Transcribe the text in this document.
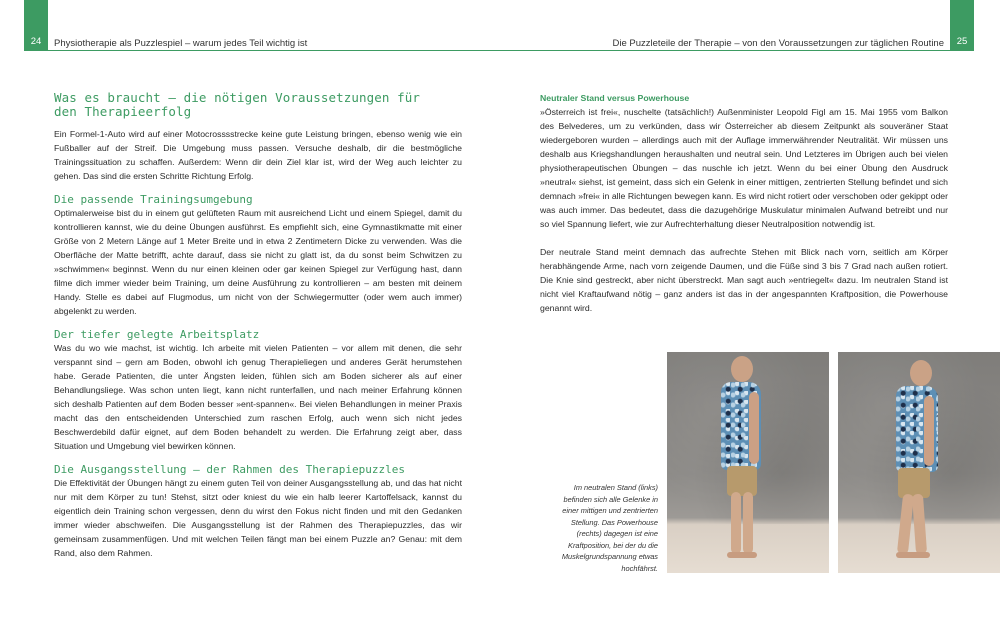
24 Physiotherapie als Puzzlespiel – warum jedes Teil wichtig ist
Was es braucht – die nötigen Voraussetzungen für den Therapieerfolg

Ein Formel-1-Auto wird auf einer Motocrosssstrecke keine gute Leistung bringen, ebenso wenig wie ein Fußballer auf der Streif. Die Umgebung muss passen. Versuche deshalb, dir die bestmögliche Trainingssituation zu schaffen. Außerdem: Wenn dir dein Ziel klar ist, wird der Weg auch leichter zu gehen. Das sind die ersten Schritte Richtung Erfolg.

Die passende Trainingsumgebung

Optimalerweise bist du in einem gut gelüfteten Raum mit ausreichend Licht und einem Spiegel, damit du kontrollieren kannst, wie du deine Übungen ausführst. Es empfiehlt sich, eine Gymnastikmatte mit einer Größe von 2 Metern Länge auf 1 Meter Breite und in etwa 2 Zentimetern Dicke zu verwenden. Was die Oberfläche der Matte betrifft, achte darauf, dass sie nicht zu glatt ist, da du sonst beim Schwitzen zu »schwimmen« beginnst. Wenn du nur einen kleinen oder gar keinen Spiegel zur Verfügung hast, dann filme dich immer wieder beim Training, um deine Ausführung zu kontrollieren – am besten mit deinem Handy. Stelle es dabei auf Flugmodus, um nicht von der Schwiegermutter (oder wem auch immer) abgelenkt zu werden.

Der tiefer gelegte Arbeitsplatz

Was du wo wie machst, ist wichtig. Ich arbeite mit vielen Patienten – vor allem mit denen, die sehr verspannt sind – gern am Boden, obwohl ich genug Therapieliegen und anderes Gerät herumstehen habe. Gerade Patienten, die unter Ängsten leiden, fühlen sich am Boden sicherer als auf einer Behandlungsliege. Was schon unten liegt, kann nicht runterfallen, und nach meiner Erfahrung können sich deshalb Patienten auf dem Boden besser »ent-spannen«. Bei vielen Behandlungen in meiner Praxis macht das den entscheidenden Unterschied zum raschen Erfolg, auch wenn sich nicht jedes Beschwerdebild dafür eignet, auf dem Boden behandelt zu werden. Die Erfahrung zeigt aber, dass Situation und Umgebung viel bewirken können.

Die Ausgangsstellung – der Rahmen des Therapiepuzzles

Die Effektivität der Übungen hängt zu einem guten Teil von deiner Ausgangsstellung ab, und das hat nicht nur mit dem Körper zu tun! Stehst, sitzt oder kniest du wie ein halb leerer Kartoffelsack, kannst du eigentlich dein Training schon vergessen, denn du wirst den Fokus nicht finden und mit den Gedanken immer wieder abschweifen. Die Ausgangsstellung ist der Rahmen des Therapiepuzzles, das wir gemeinsam zusammenfügen. Und mit welchen Teilen fängt man bei einem Puzzle an? Genau: mit dem Rand, also dem Rahmen.

25
Die Puzzleteile der Therapie – von den Voraussetzungen zur täglichen Routine
Neutraler Stand versus Powerhouse

»Österreich ist frei«, nuschelte (tatsächlich!) Außenminister Leopold Figl am 15. Mai 1955 vom Balkon des Belvederes, um zu verkünden, dass wir Österreicher ab diesem Zeitpunkt als souveräner Staat wiedergeboren wurden – allerdings auch mit der Auflage immerwährender Neutralität. Wir müssen uns deshalb aus Kriegshandlungen heraushalten und neutral sein. Und Letzteres im Übrigen auch bei vielen physiotherapeutischen Übungen – das nuschle ich jetzt. Wenn du bei einer Übung den Ausdruck »neutral« siehst, ist gemeint, dass sich ein Gelenk in einer mittigen, zentrierten Stellung befindet und sich demnach »frei« in alle Richtungen bewegen kann. Es wird nicht rotiert oder verschoben oder gekippt oder was auch immer. Das bedeutet, dass die dazugehörige Muskulatur minimalen Aufwand betreibt und nur so viel Spannung liefert, wie zur Aufrechterhaltung dieser Neutralposition notwendig ist.

Der neutrale Stand meint demnach das aufrechte Stehen mit Blick nach vorn, seitlich am Körper herabhängende Arme, nach vorn zeigende Daumen, und die Füße sind 3 bis 7 Grad nach außen rotiert. Die Knie sind gestreckt, aber nicht überstreckt. Man sagt auch »entriegelt« dazu. Im neutralen Stand ist nicht viel Kraftaufwand nötig – ganz anders ist das in der angespannten Kraftposition, die Powerhouse genannt wird.

Im neutralen Stand (links) befinden sich alle Gelenke in einer mittigen und zentrierten Stellung. Das Powerhouse (rechts) dagegen ist eine Kraftposition, bei der du die Muskelgrundspannung etwas hochfährst.
